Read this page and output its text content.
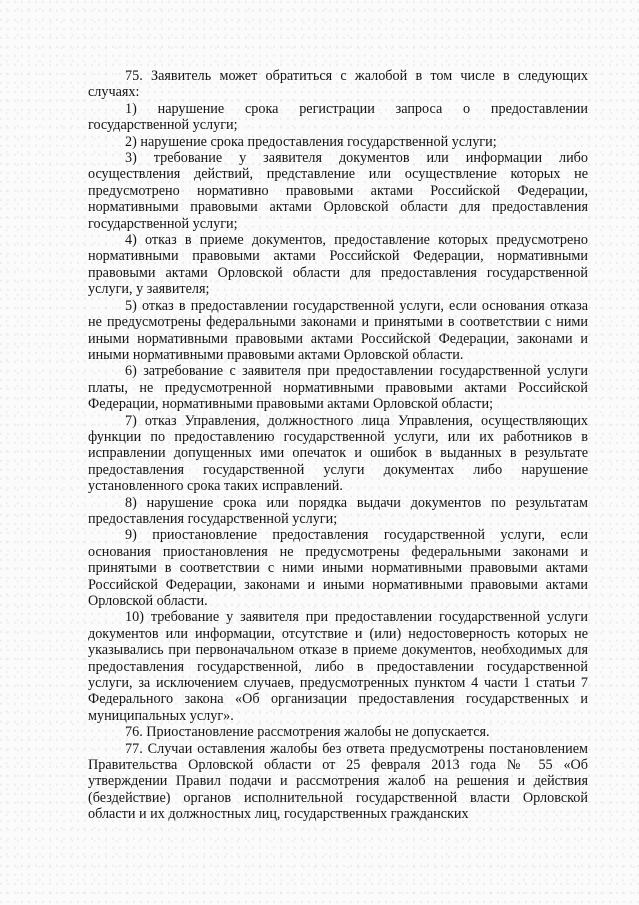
75. Заявитель может обратиться с жалобой в том числе в следующих случаях:

1) нарушение срока регистрации запроса о предоставлении государственной услуги;

2) нарушение срока предоставления государственной услуги;

3) требование у заявителя документов или информации либо осуществления действий, представление или осуществление которых не предусмотрено нормативно правовыми актами Российской Федерации, нормативными правовыми актами Орловской области для предоставления государственной услуги;

4) отказ в приеме документов, предоставление которых предусмотрено нормативными правовыми актами Российской Федерации, нормативными правовыми актами Орловской области для предоставления государственной услуги, у заявителя;

5) отказ в предоставлении государственной услуги, если основания отказа не предусмотрены федеральными законами и принятыми в соответствии с ними иными нормативными правовыми актами Российской Федерации, законами и иными нормативными правовыми актами Орловской области.

6) затребование с заявителя при предоставлении государственной услуги платы, не предусмотренной нормативными правовыми актами Российской Федерации, нормативными правовыми актами Орловской области;

7) отказ Управления, должностного лица Управления, осуществляющих функции по предоставлению государственной услуги, или их работников в исправлении допущенных ими опечаток и ошибок в выданных в результате предоставления государственной услуги документах либо нарушение установленного срока таких исправлений.

8) нарушение срока или порядка выдачи документов по результатам предоставления государственной услуги;

9) приостановление предоставления государственной услуги, если основания приостановления не предусмотрены федеральными законами и принятыми в соответствии с ними иными нормативными правовыми актами Российской Федерации, законами и иными нормативными правовыми актами Орловской области.

10) требование у заявителя при предоставлении государственной услуги документов или информации, отсутствие и (или) недостоверность которых не указывались при первоначальном отказе в приеме документов, необходимых для предоставления государственной, либо в предоставлении государственной услуги, за исключением случаев, предусмотренных пунктом 4 части 1 статьи 7 Федерального закона «Об организации предоставления государственных и муниципальных услуг».

76. Приостановление рассмотрения жалобы не допускается.

77. Случаи оставления жалобы без ответа предусмотрены постановлением Правительства Орловской области от 25 февраля 2013 года № 55 «Об утверждении Правил подачи и рассмотрения жалоб на решения и действия (бездействие) органов исполнительной государственной власти Орловской области и их должностных лиц, государственных гражданских
